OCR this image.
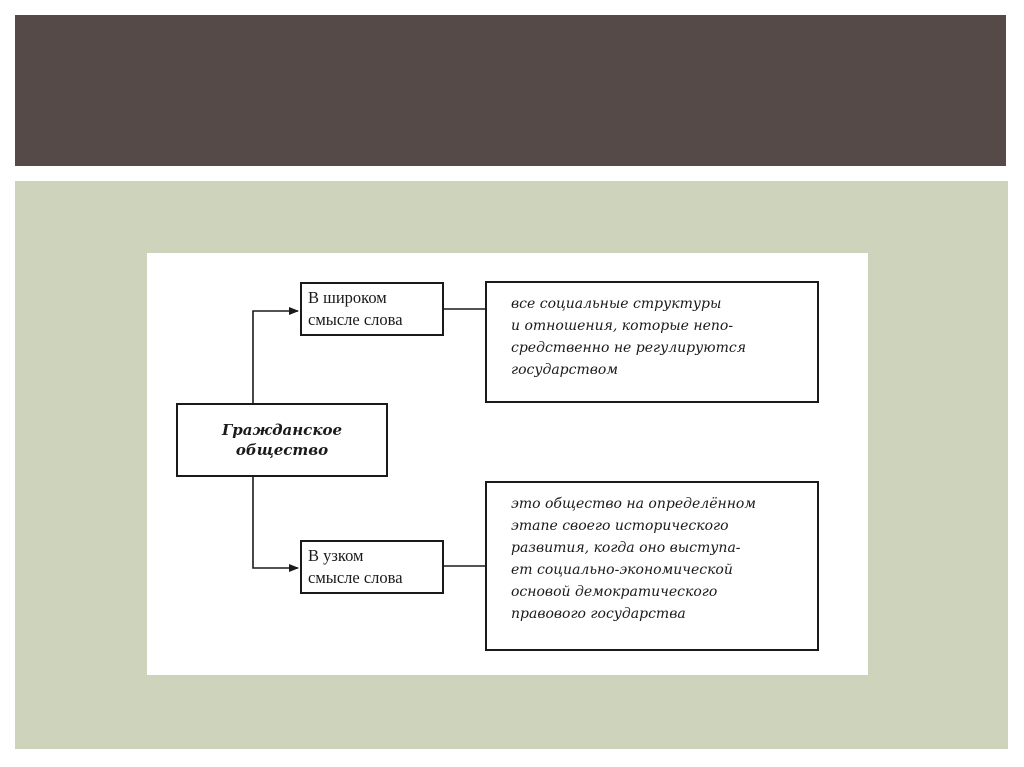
Гражданское
общество
В широком
смысле слова
все социальные структуры
и отношения, которые непо-
средственно не регулируются
государством
В узком
смысле слова
это общество на определённом
этапе своего исторического
развития, когда оно выступа-
ет социально-экономической
основой демократического
правового государства
